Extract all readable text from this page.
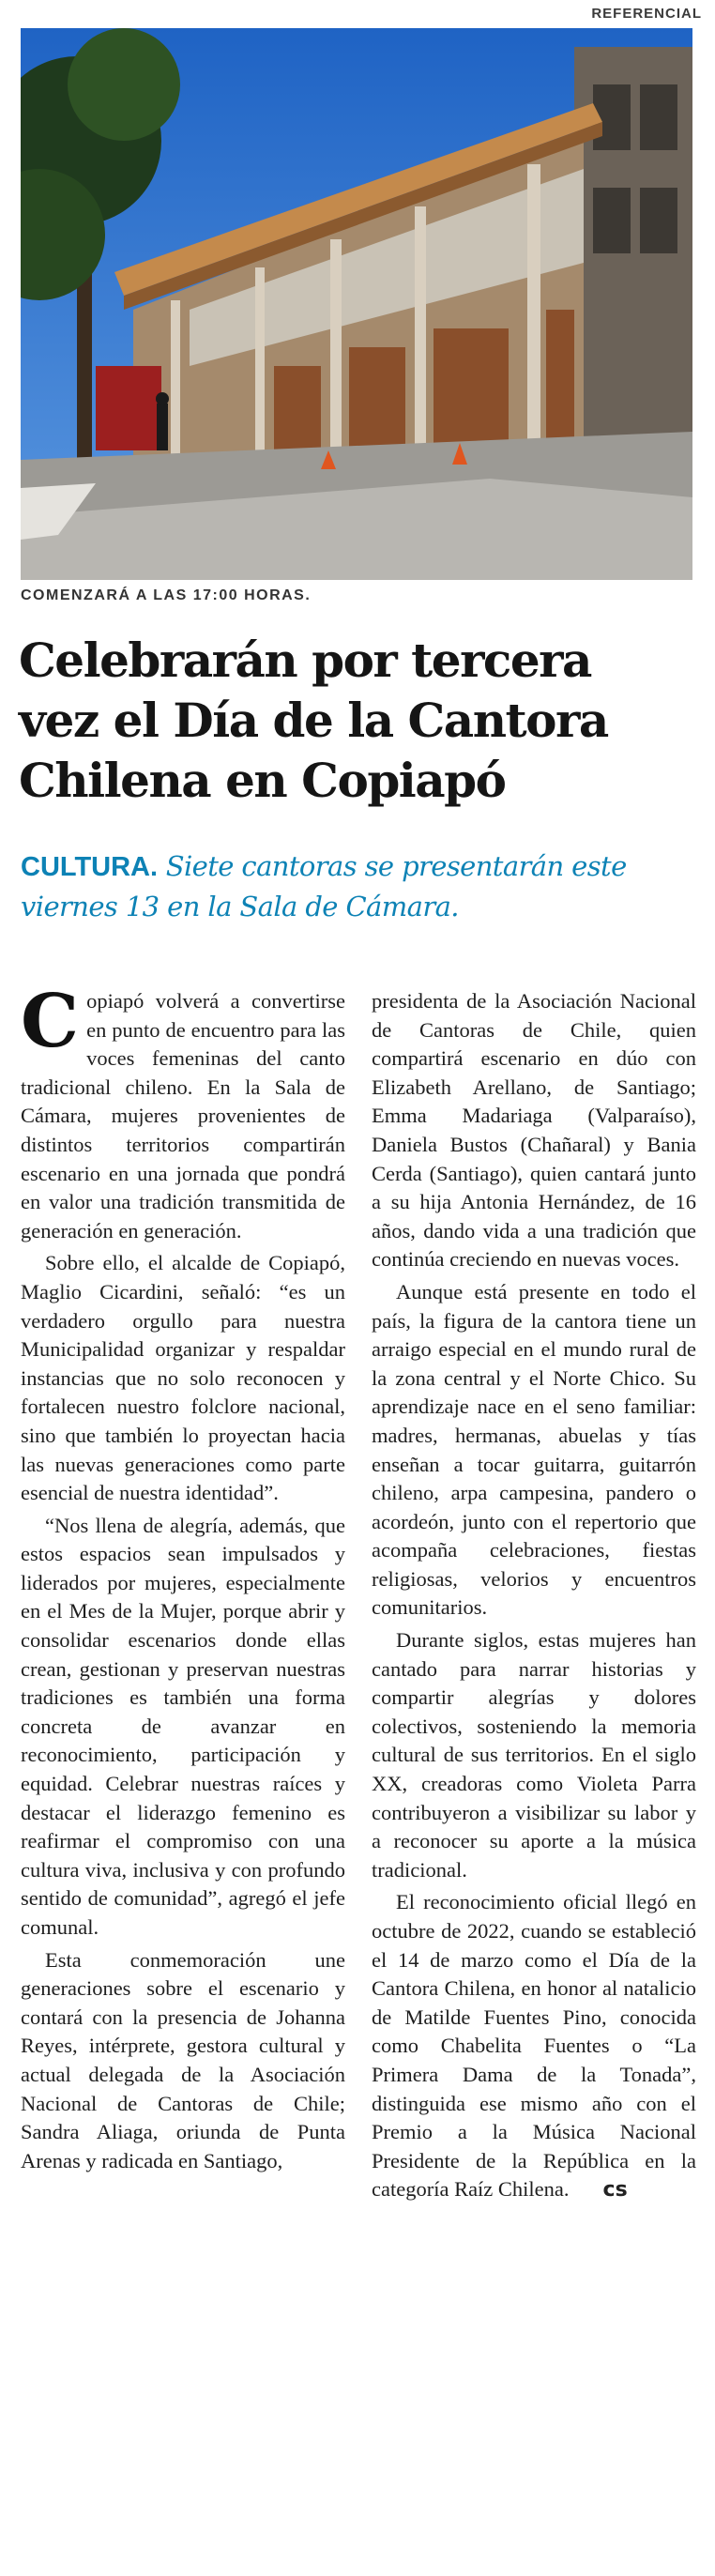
REFERENCIAL
COMENZARÁ A LAS 17:00 HORAS.
Celebrarán por tercera
vez el Día de la Cantora
Chilena en Copiapó
CULTURA. Siete cantoras se presentarán este viernes 13 en la Sala de Cámara.

Copiapó volverá a convertirse en punto de encuentro para las voces femeninas del canto tradicional chileno. En la Sala de Cámara, mujeres provenientes de distintos territorios compartirán escenario en una jornada que pondrá en valor una tradición transmitida de generación en generación.

Sobre ello, el alcalde de Copiapó, Maglio Cicardini, señaló: “es un verdadero orgullo para nuestra Municipalidad organizar y respaldar instancias que no solo reconocen y fortalecen nuestro folclore nacional, sino que también lo proyectan hacia las nuevas generaciones como parte esencial de nuestra identidad”.

“Nos llena de alegría, además, que estos espacios sean impulsados y liderados por mujeres, especialmente en el Mes de la Mujer, porque abrir y consolidar escenarios donde ellas crean, gestionan y preservan nuestras tradiciones es también una forma concreta de avanzar en reconocimiento, participación y equidad. Celebrar nuestras raíces y destacar el liderazgo femenino es reafirmar el compromiso con una cultura viva, inclusiva y con profundo sentido de comunidad”, agregó el jefe comunal.

Esta conmemoración une generaciones sobre el escenario y contará con la presencia de Johanna Reyes, intérprete, gestora cultural y actual delegada de la Asociación Nacional de Cantoras de Chile; Sandra Aliaga, oriunda de Punta Arenas y radicada en Santiago,

presidenta de la Asociación Nacional de Cantoras de Chile, quien compartirá escenario en dúo con Elizabeth Arellano, de Santiago; Emma Madariaga (Valparaíso), Daniela Bustos (Chañaral) y Bania Cerda (Santiago), quien cantará junto a su hija Antonia Hernández, de 16 años, dando vida a una tradición que continúa creciendo en nuevas voces.

Aunque está presente en todo el país, la figura de la cantora tiene un arraigo especial en el mundo rural de la zona central y el Norte Chico. Su aprendizaje nace en el seno familiar: madres, hermanas, abuelas y tías enseñan a tocar guitarra, guitarrón chileno, arpa campesina, pandero o acordeón, junto con el repertorio que acompaña celebraciones, fiestas religiosas, velorios y encuentros comunitarios.

Durante siglos, estas mujeres han cantado para narrar historias y compartir alegrías y dolores colectivos, sosteniendo la memoria cultural de sus territorios. En el siglo XX, creadoras como Violeta Parra contribuyeron a visibilizar su labor y a reconocer su aporte a la música tradicional.

El reconocimiento oficial llegó en octubre de 2022, cuando se estableció el 14 de marzo como el Día de la Cantora Chilena, en honor al natalicio de Matilde Fuentes Pino, conocida como Chabelita Fuentes o “La Primera Dama de la Tonada”, distinguida ese mismo año con el Premio a la Música Nacional Presidente de la República en la categoría Raíz Chilena. cs
